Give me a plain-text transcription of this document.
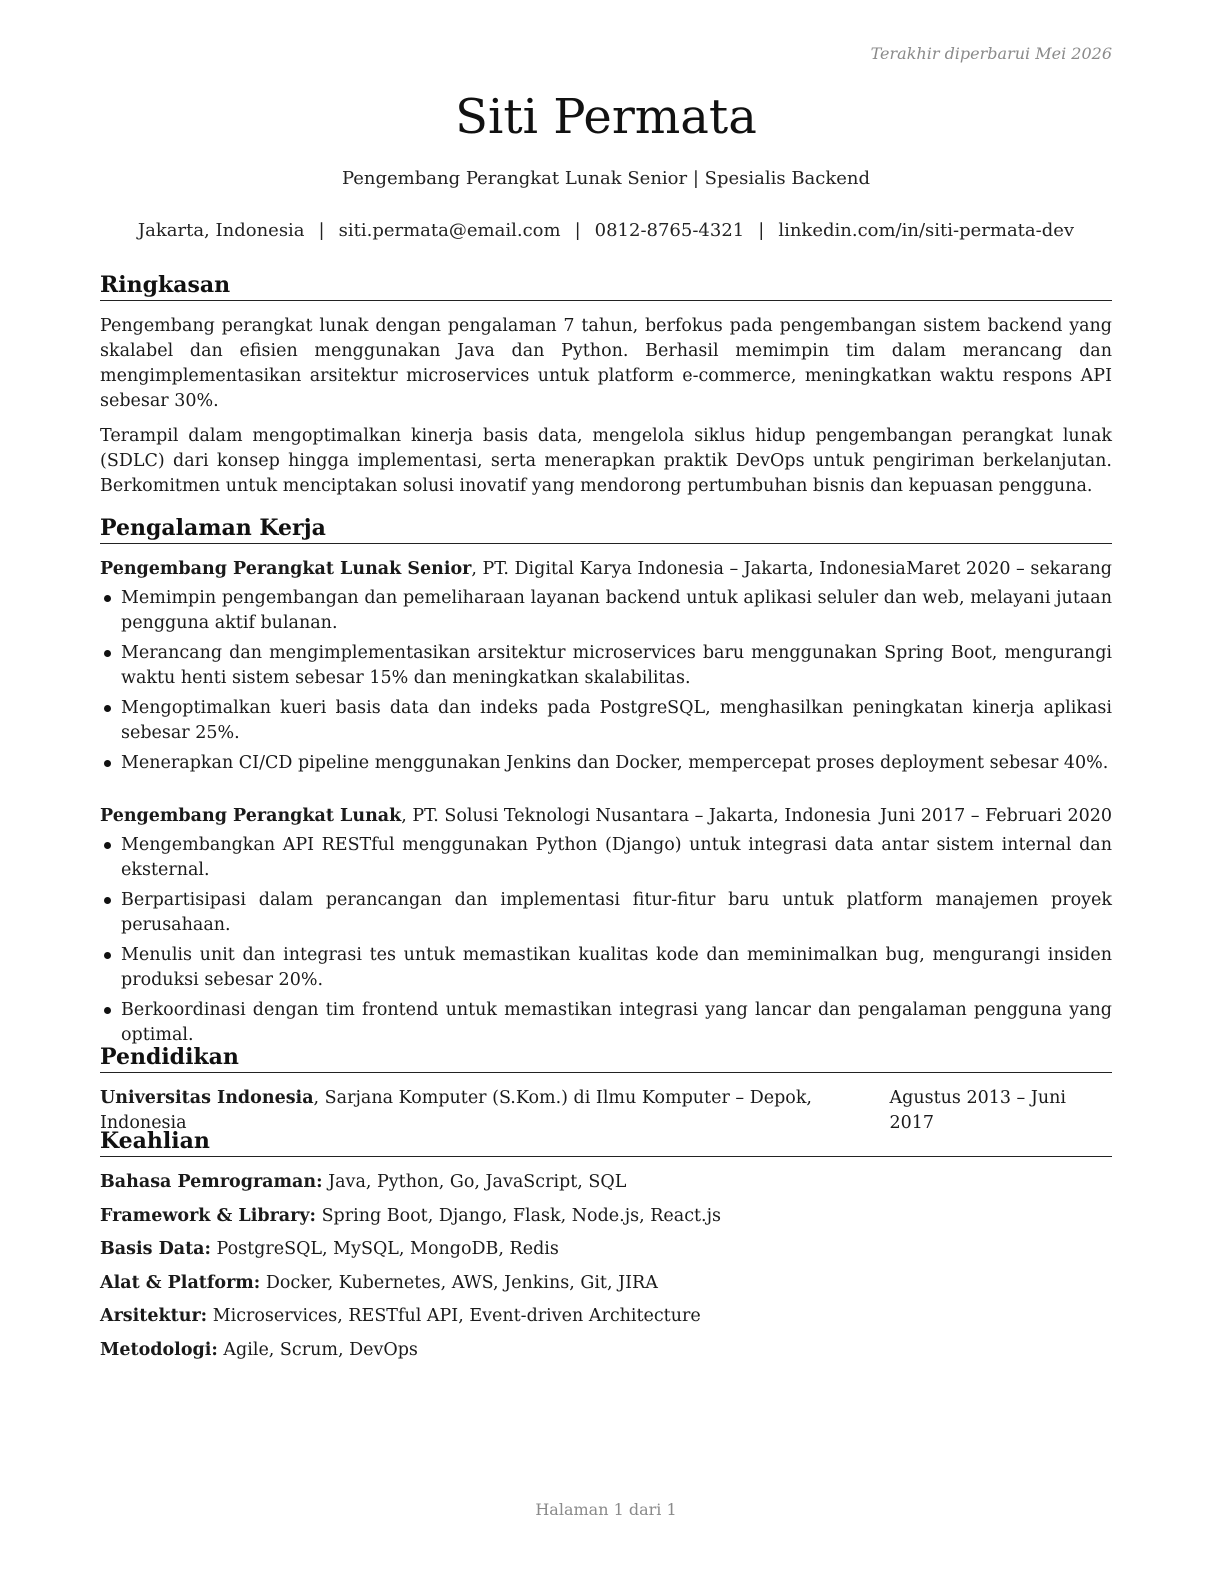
Terakhir diperbarui Mei 2026
Siti Permata
Pengembang Perangkat Lunak Senior | Spesialis Backend
Jakarta, Indonesia | siti.permata@email.com | 0812-8765-4321 | linkedin.com/in/siti-permata-dev
Ringkasan

Pengembang perangkat lunak dengan pengalaman 7 tahun, berfokus pada pengembangan sistem backend yang skalabel dan efisien menggunakan Java dan Python. Berhasil memimpin tim dalam merancang dan mengimplementasikan arsitektur microservices untuk platform e-commerce, meningkatkan waktu respons API sebesar 30%.

Terampil dalam mengoptimalkan kinerja basis data, mengelola siklus hidup pengembangan perangkat lunak (SDLC) dari konsep hingga implementasi, serta menerapkan praktik DevOps untuk pengiriman berkelanjutan. Berkomitmen untuk menciptakan solusi inovatif yang mendorong pertumbuhan bisnis dan kepuasan pengguna.

Pengalaman Kerja
Pengembang Perangkat Lunak Senior, PT. Digital Karya Indonesia – Jakarta, Indonesia Maret 2020 – sekarang
Memimpin pengembangan dan pemeliharaan layanan backend untuk aplikasi seluler dan web, melayani jutaan pengguna aktif bulanan.
Merancang dan mengimplementasikan arsitektur microservices baru menggunakan Spring Boot, mengurangi waktu henti sistem sebesar 15% dan meningkatkan skalabilitas.
Mengoptimalkan kueri basis data dan indeks pada PostgreSQL, menghasilkan peningkatan kinerja aplikasi sebesar 25%.
Menerapkan CI/CD pipeline menggunakan Jenkins dan Docker, mempercepat proses deployment sebesar 40%.
Pengembang Perangkat Lunak, PT. Solusi Teknologi Nusantara – Jakarta, Indonesia Juni 2017 – Februari 2020
Mengembangkan API RESTful menggunakan Python (Django) untuk integrasi data antar sistem internal dan eksternal.
Berpartisipasi dalam perancangan dan implementasi fitur-fitur baru untuk platform manajemen proyek perusahaan.
Menulis unit dan integrasi tes untuk memastikan kualitas kode dan meminimalkan bug, mengurangi insiden produksi sebesar 20%.
Berkoordinasi dengan tim frontend untuk memastikan integrasi yang lancar dan pengalaman pengguna yang optimal.
Pendidikan
Universitas Indonesia, Sarjana Komputer (S.Kom.) di Ilmu Komputer – Depok, Indonesia
Agustus 2013 – Juni 2017
Keahlian
Bahasa Pemrograman: Java, Python, Go, JavaScript, SQL
Framework & Library: Spring Boot, Django, Flask, Node.js, React.js
Basis Data: PostgreSQL, MySQL, MongoDB, Redis
Alat & Platform: Docker, Kubernetes, AWS, Jenkins, Git, JIRA
Arsitektur: Microservices, RESTful API, Event-driven Architecture
Metodologi: Agile, Scrum, DevOps
Halaman 1 dari 1
